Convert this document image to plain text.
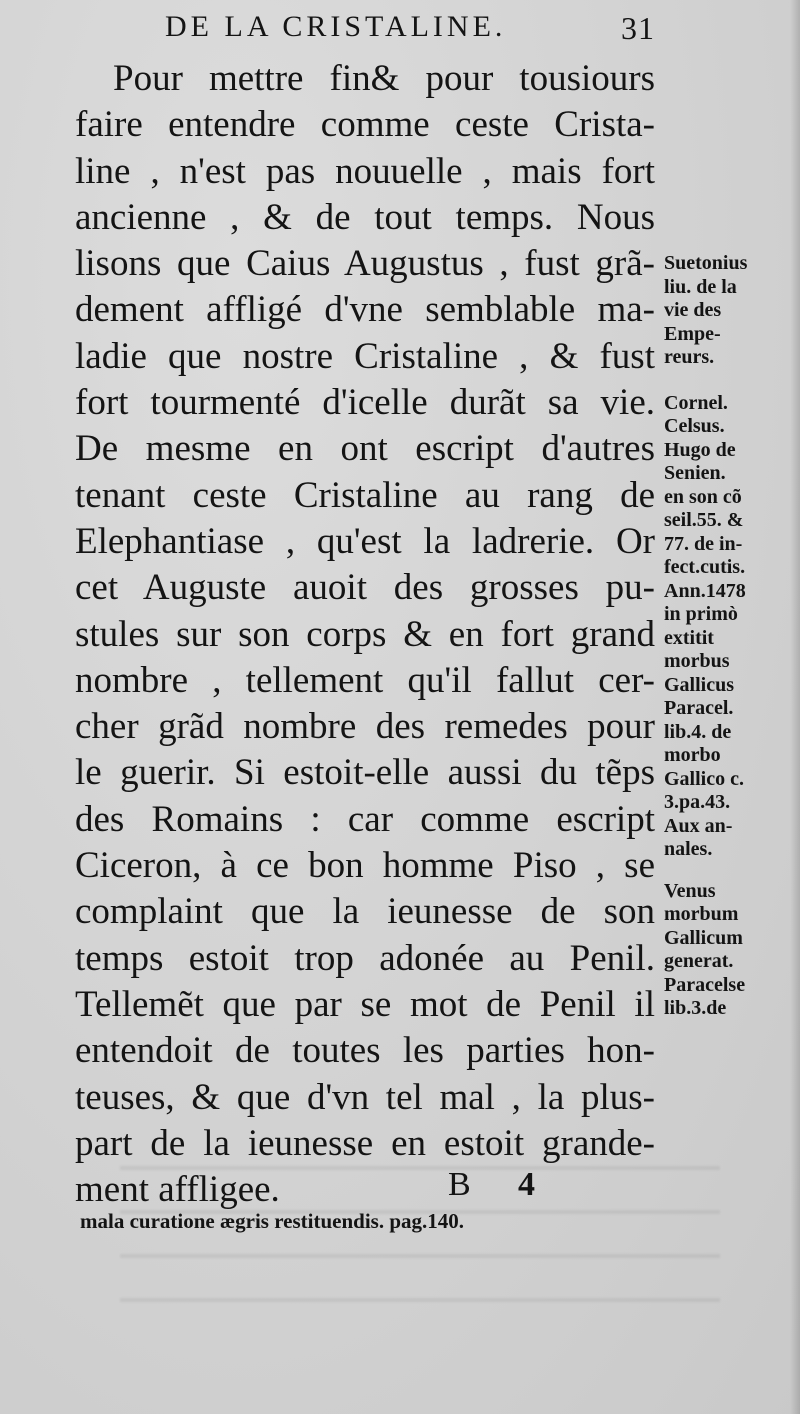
DE LA CRISTALINE.	31
Pour mettre fin& pour tousiours
faire entendre comme ceste Crista-
line , n'est pas nouuelle , mais fort
ancienne , & de tout temps. Nous
lisons que Caius Augustus , fust grã-
dement affligé d'vne semblable ma-
ladie que nostre Cristaline , & fust
fort tourmenté d'icelle durãt sa vie.
De mesme en ont escript d'autres
tenant ceste Cristaline au rang de
Elephantiase , qu'est la ladrerie. Or
cet Auguste auoit des grosses pu-
stules sur son corps & en fort grand
nombre , tellement qu'il fallut cer-
cher grãd nombre des remedes pour
le guerir. Si estoit-elle aussi du tẽps
des Romains : car comme escript
Ciceron, à ce bon homme Piso , se
complaint que la ieunesse de son
temps estoit trop adonée au Penil.
Tellemẽt que par se mot de Penil il
entendoit de toutes les parties hon-
teuses, & que d'vn tel mal , la plus-
part de la ieunesse en estoit grande-
ment affligee.
Suetonius
liu. de la
vie des
Empe-
reurs.
Cornel.
Celsus.
Hugo de
Senien.
en son cõ
seil.55. &
77. de in-
fect.cutis.
Ann.1478
in primò
extitit
morbus
Gallicus
Paracel.
lib.4. de
morbo
Gallico c.
3.pa.43.
Aux an-
nales.
Venus
morbum
Gallicum
generat.
Paracelse
lib.3.de
B 4
mala curatione ægris restituendis. pag.140.
